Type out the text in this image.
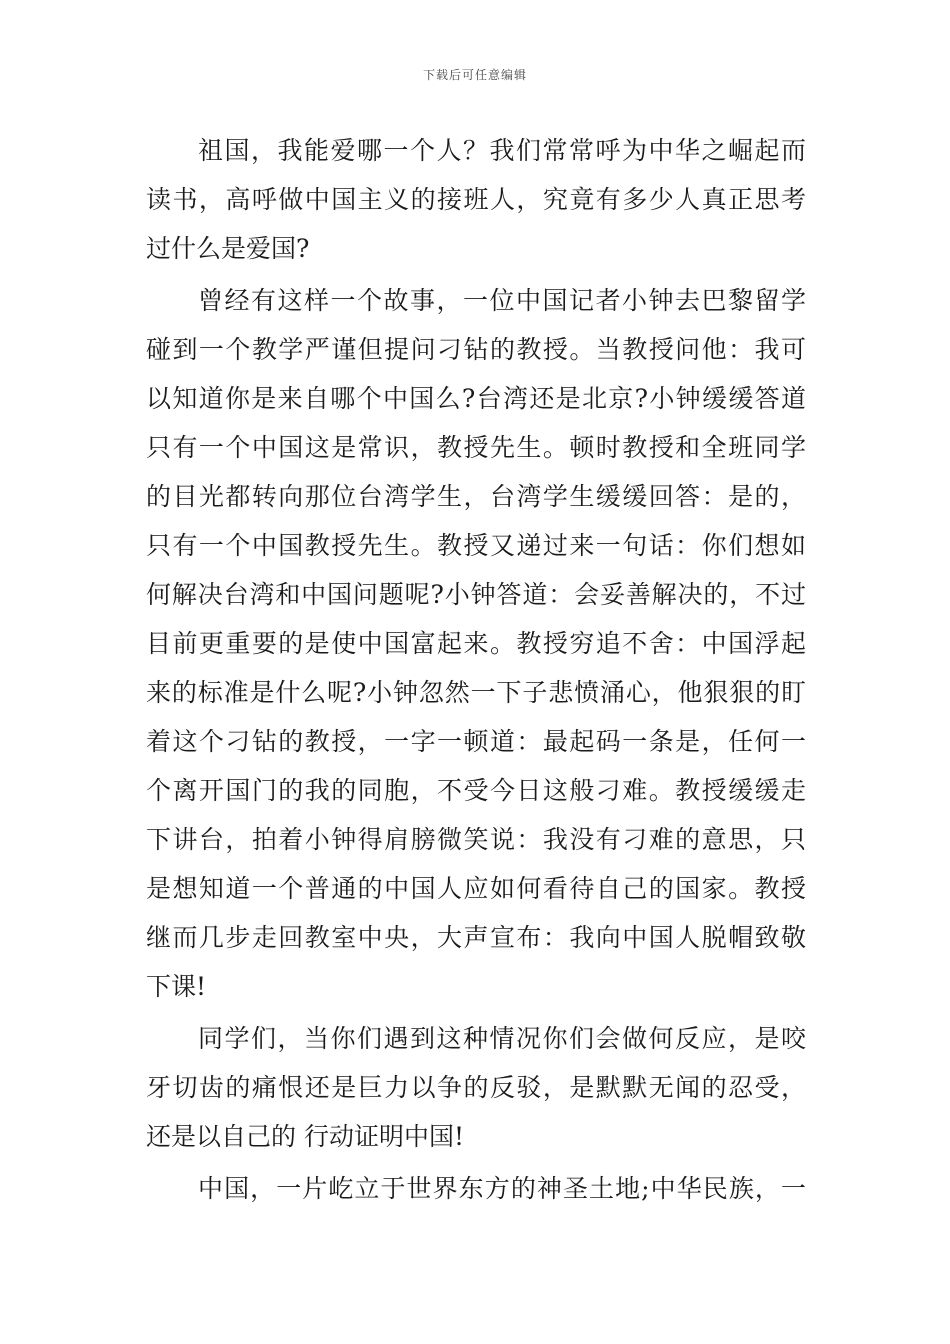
下载后可任意编辑
祖国，我能爱哪一个人？我们常常呼为中华之崛起而
读书，高呼做中国主义的接班人，究竟有多少人真正思考
过什么是爱国?
曾经有这样一个故事，一位中国记者小钟去巴黎留学
碰到一个教学严谨但提问刁钻的教授。当教授问他：我可
以知道你是来自哪个中国么?台湾还是北京?小钟缓缓答道
只有一个中国这是常识，教授先生。顿时教授和全班同学
的目光都转向那位台湾学生，台湾学生缓缓回答：是的，
只有一个中国教授先生。教授又递过来一句话：你们想如
何解决台湾和中国问题呢?小钟答道：会妥善解决的，不过
目前更重要的是使中国富起来。教授穷追不舍：中国浮起
来的标准是什么呢?小钟忽然一下子悲愤涌心，他狠狠的盯
着这个刁钻的教授，一字一顿道：最起码一条是，任何一
个离开国门的我的同胞，不受今日这般刁难。教授缓缓走
下讲台，拍着小钟得肩膀微笑说：我没有刁难的意思，只
是想知道一个普通的中国人应如何看待自己的国家。教授
继而几步走回教室中央，大声宣布：我向中国人脱帽致敬
下课!
同学们，当你们遇到这种情况你们会做何反应，是咬
牙切齿的痛恨还是巨力以争的反驳，是默默无闻的忍受，
还是以自己的 行动证明中国!
中国，一片屹立于世界东方的神圣土地;中华民族，一
